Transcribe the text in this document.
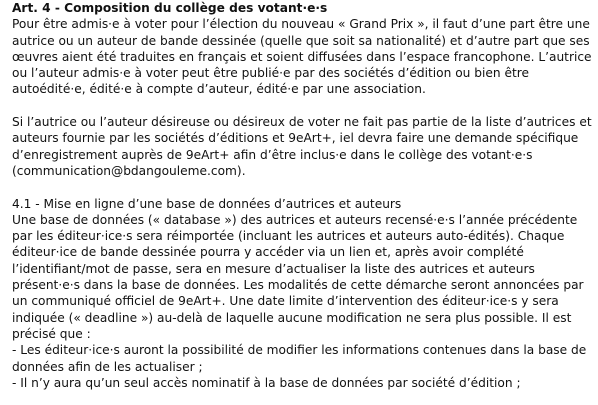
Art. 4 - Composition du collège des votant·e·s
Pour être admis·e à voter pour l’élection du nouveau « Grand Prix », il faut d’une part être une autrice ou un auteur de bande dessinée (quelle que soit sa nationalité) et d’autre part que ses œuvres aient été traduites en français et soient diffusées dans l’espace francophone. L’autrice ou l’auteur admis·e à voter peut être publié·e par des sociétés d’édition ou bien être autoédité·e, édité·e à compte d’auteur, édité·e par une association.
Si l’autrice ou l’auteur désireuse ou désireux de voter ne fait pas partie de la liste d’autrices et auteurs fournie par les sociétés d’éditions et 9eArt+, iel devra faire une demande spécifique d’enregistrement auprès de 9eArt+ afin d’être inclus·e dans le collège des votant·e·s (communication@bdangouleme.com).
4.1 - Mise en ligne d’une base de données d’autrices et auteurs
Une base de données (« database ») des autrices et auteurs recensé·e·s l’année précédente par les éditeur·ice·s sera réimportée (incluant les autrices et auteurs auto-édités). Chaque éditeur·ice de bande dessinée pourra y accéder via un lien et, après avoir complété l’identifiant/mot de passe, sera en mesure d’actualiser la liste des autrices et auteurs présent·e·s dans la base de données. Les modalités de cette démarche seront annoncées par un communiqué officiel de 9eArt+. Une date limite d’intervention des éditeur·ice·s y sera indiquée (« deadline ») au-delà de laquelle aucune modification ne sera plus possible. Il est précisé que :
- Les éditeur·ice·s auront la possibilité de modifier les informations contenues dans la base de données afin de les actualiser ;
- Il n’y aura qu’un seul accès nominatif à la base de données par société d’édition ;
